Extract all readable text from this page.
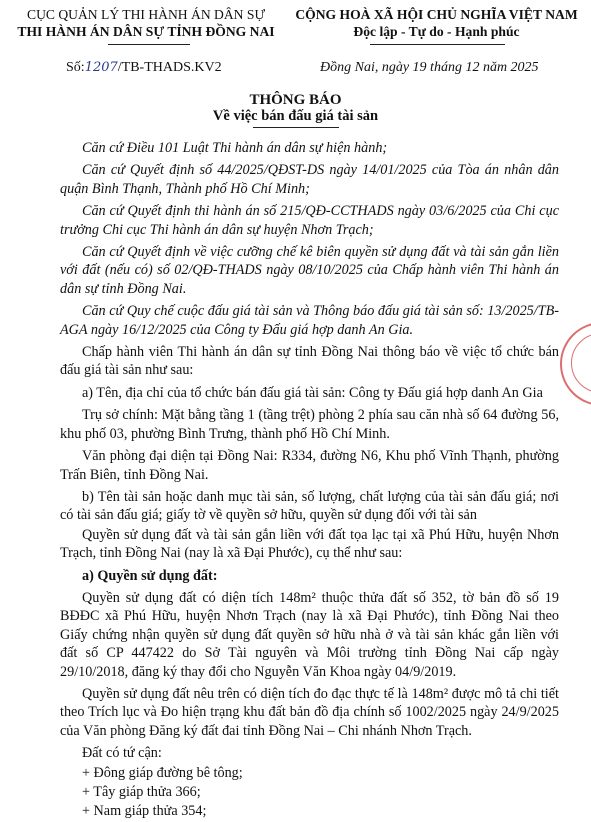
CỤC QUẢN LÝ THI HÀNH ÁN DÂN SỰ
THI HÀNH ÁN DÂN SỰ TỈNH ĐỒNG NAI
CỘNG HOÀ XÃ HỘI CHỦ NGHĨA VIỆT NAM
Độc lập - Tự do - Hạnh phúc
Số:1207/TB-THADS.KV2	Đồng Nai, ngày 19 tháng 12 năm 2025
THÔNG BÁO
Về việc bán đấu giá tài sản

Căn cứ Điều 101 Luật Thi hành án dân sự hiện hành;

Căn cứ Quyết định số 44/2025/QĐST-DS ngày 14/01/2025 của Tòa án nhân dân quận Bình Thạnh, Thành phố Hồ Chí Minh;

Căn cứ Quyết định thi hành án số 215/QĐ-CCTHADS ngày 03/6/2025 của Chi cục trưởng Chi cục Thi hành án dân sự huyện Nhơn Trạch;

Căn cứ Quyết định về việc cưỡng chế kê biên quyền sử dụng đất và tài sản gắn liền với đất (nếu có) số 02/QĐ-THADS ngày 08/10/2025 của Chấp hành viên Thi hành án dân sự tỉnh Đồng Nai.

Căn cứ Quy chế cuộc đấu giá tài sản và Thông báo đấu giá tài sản số: 13/2025/TB-AGA ngày 16/12/2025 của Công ty Đấu giá hợp danh An Gia.

Chấp hành viên Thi hành án dân sự tỉnh Đồng Nai thông báo về việc tổ chức bán đấu giá tài sản như sau:

a) Tên, địa chỉ của tổ chức bán đấu giá tài sản: Công ty Đấu giá hợp danh An Gia

Trụ sở chính: Mặt bằng tầng 1 (tầng trệt) phòng 2 phía sau căn nhà số 64 đường 56, khu phố 03, phường Bình Trưng, thành phố Hồ Chí Minh.

Văn phòng đại diện tại Đồng Nai: R334, đường N6, Khu phố Vĩnh Thạnh, phường Trấn Biên, tỉnh Đồng Nai.

b) Tên tài sản hoặc danh mục tài sản, số lượng, chất lượng của tài sản đấu giá; nơi có tài sản đấu giá; giấy tờ về quyền sở hữu, quyền sử dụng đối với tài sản

Quyền sử dụng đất và tài sản gắn liền với đất tọa lạc tại xã Phú Hữu, huyện Nhơn Trạch, tỉnh Đồng Nai (nay là xã Đại Phước), cụ thể như sau:

a) Quyền sử dụng đất:

Quyền sử dụng đất có diện tích 148m² thuộc thửa đất số 352, tờ bản đồ số 19 BĐĐC xã Phú Hữu, huyện Nhơn Trạch (nay là xã Đại Phước), tỉnh Đồng Nai theo Giấy chứng nhận quyền sử dụng đất quyền sở hữu nhà ở và tài sản khác gắn liền với đất số CP 447422 do Sở Tài nguyên và Môi trường tỉnh Đồng Nai cấp ngày 29/10/2018, đăng ký thay đổi cho Nguyễn Văn Khoa ngày 04/9/2019.

Quyền sử dụng đất nêu trên có diện tích đo đạc thực tế là 148m² được mô tả chi tiết theo Trích lục và Đo hiện trạng khu đất bản đồ địa chính số 1002/2025 ngày 24/9/2025 của Văn phòng Đăng ký đất đai tỉnh Đồng Nai – Chi nhánh Nhơn Trạch.

Đất có tứ cận:

+ Đông giáp đường bê tông;

+ Tây giáp thửa 366;

+ Nam giáp thửa 354;
